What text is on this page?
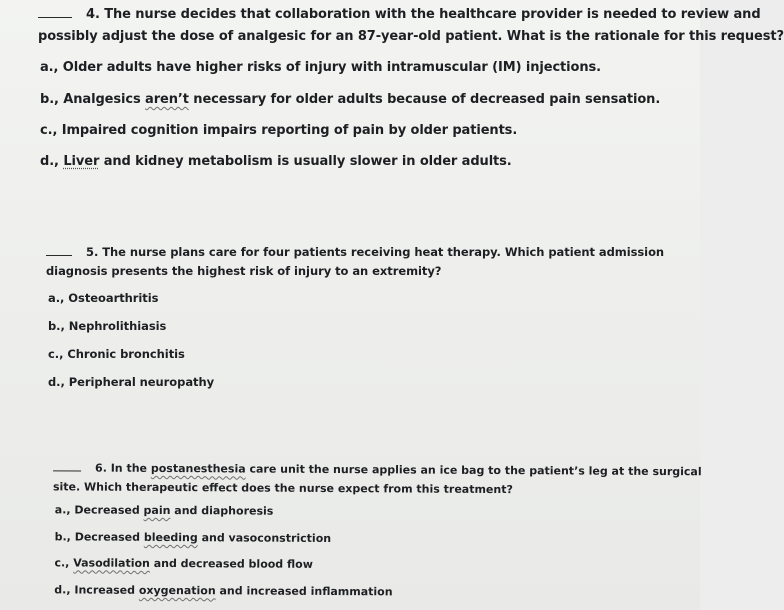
4. The nurse decides that collaboration with the healthcare provider is needed to review and
possibly adjust the dose of analgesic for an 87-year-old patient. What is the rationale for this request?
a., Older adults have higher risks of injury with intramuscular (IM) injections.
b., Analgesics aren’t necessary for older adults because of decreased pain sensation.
c., Impaired cognition impairs reporting of pain by older patients.
d., Liver and kidney metabolism is usually slower in older adults.
5. The nurse plans care for four patients receiving heat therapy. Which patient admission
diagnosis presents the highest risk of injury to an extremity?
a., Osteoarthritis
b., Nephrolithiasis
c., Chronic bronchitis
d., Peripheral neuropathy
6. In the postanesthesia care unit the nurse applies an ice bag to the patient’s leg at the surgical
site. Which therapeutic effect does the nurse expect from this treatment?
a., Decreased pain and diaphoresis
b., Decreased bleeding and vasoconstriction
c., Vasodilation and decreased blood flow
d., Increased oxygenation and increased inflammation
